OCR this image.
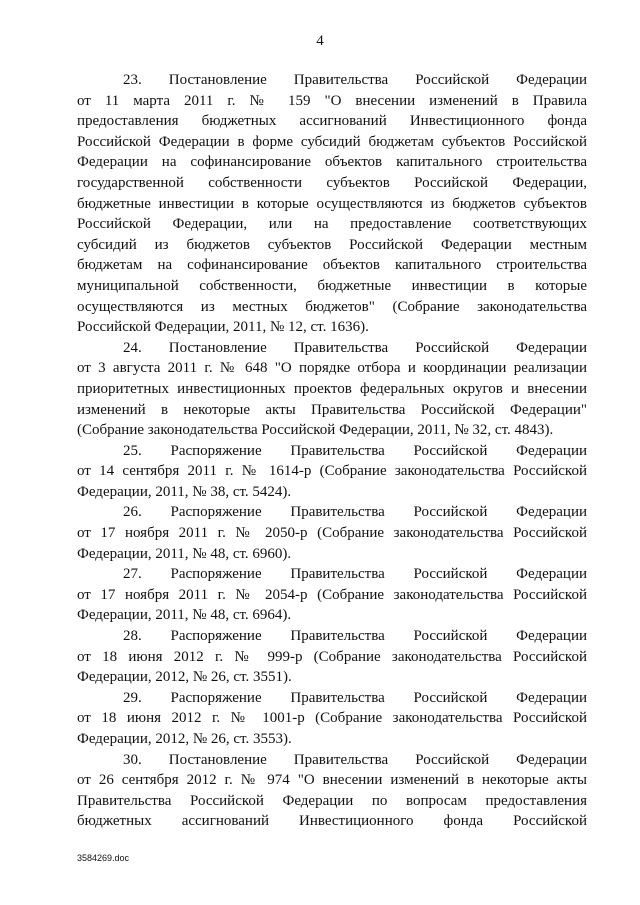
4
23. Постановление Правительства Российской Федерации
от 11 марта 2011 г. № 159 "О внесении изменений в Правила
предоставления бюджетных ассигнований Инвестиционного фонда
Российской Федерации в форме субсидий бюджетам субъектов Российской
Федерации на софинансирование объектов капитального строительства
государственной собственности субъектов Российской Федерации,
бюджетные инвестиции в которые осуществляются из бюджетов субъектов
Российской Федерации, или на предоставление соответствующих
субсидий из бюджетов субъектов Российской Федерации местным
бюджетам на софинансирование объектов капитального строительства
муниципальной собственности, бюджетные инвестиции в которые
осуществляются из местных бюджетов" (Собрание законодательства
Российской Федерации, 2011, № 12, ст. 1636).
24. Постановление Правительства Российской Федерации
от 3 августа 2011 г. № 648 "О порядке отбора и координации реализации
приоритетных инвестиционных проектов федеральных округов и внесении
изменений в некоторые акты Правительства Российской Федерации"
(Собрание законодательства Российской Федерации, 2011, № 32, ст. 4843).
25. Распоряжение Правительства Российской Федерации
от 14 сентября 2011 г. № 1614-р (Собрание законодательства Российской
Федерации, 2011, № 38, ст. 5424).
26. Распоряжение Правительства Российской Федерации
от 17 ноября 2011 г. № 2050-р (Собрание законодательства Российской
Федерации, 2011, № 48, ст. 6960).
27. Распоряжение Правительства Российской Федерации
от 17 ноября 2011 г. № 2054-р (Собрание законодательства Российской
Федерации, 2011, № 48, ст. 6964).
28. Распоряжение Правительства Российской Федерации
от 18 июня 2012 г. № 999-р (Собрание законодательства Российской
Федерации, 2012, № 26, ст. 3551).
29. Распоряжение Правительства Российской Федерации
от 18 июня 2012 г. № 1001-р (Собрание законодательства Российской
Федерации, 2012, № 26, ст. 3553).
30. Постановление Правительства Российской Федерации
от 26 сентября 2012 г. № 974 "О внесении изменений в некоторые акты
Правительства Российской Федерации по вопросам предоставления
бюджетных ассигнований Инвестиционного фонда Российской
3584269.doc
